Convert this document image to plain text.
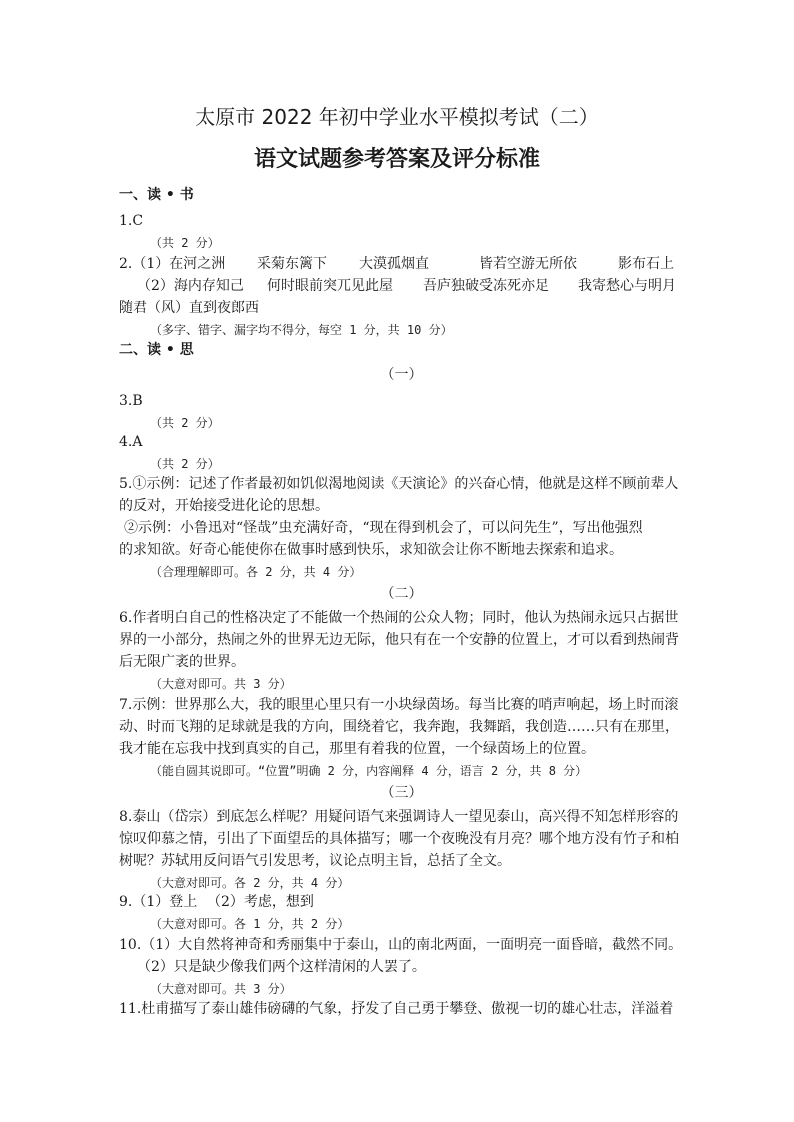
太原市 2022 年初中学业水平模拟考试（二）
语文试题参考答案及评分标准
一、读 • 书
1.C
（共 2 分）
2.（1）在河之洲 采菊东篱下 大漠孤烟直	皆若空游无所依	影布石上
（2）海内存知己 何时眼前突兀见此屋 吾庐独破受冻死亦足 我寄愁心与明月
随君（风）直到夜郎西
（多字、错字、漏字均不得分，每空 1 分，共 10 分）
二、读 • 思
（一）
3.B
（共 2 分）
4.A
（共 2 分）
5.①示例：记述了作者最初如饥似渴地阅读《天演论》的兴奋心情，他就是这样不顾前辈人
的反对，开始接受进化论的思想。
②示例：小鲁迅对“怪哉”虫充满好奇，“现在得到机会了，可以问先生”，写出他强烈
的求知欲。好奇心能使你在做事时感到快乐，求知欲会让你不断地去探索和追求。
（合理理解即可。各 2 分，共 4 分）
（二）
6.作者明白自己的性格决定了不能做一个热闹的公众人物；同时，他认为热闹永远只占据世
界的一小部分，热闹之外的世界无边无际，他只有在一个安静的位置上，才可以看到热闹背
后无限广袤的世界。
（大意对即可。共 3 分）
7.示例：世界那么大，我的眼里心里只有一小块绿茵场。每当比赛的哨声响起，场上时而滚
动、时而飞翔的足球就是我的方向，围绕着它，我奔跑，我舞蹈，我创造……只有在那里，
我才能在忘我中找到真实的自己，那里有着我的位置，一个绿茵场上的位置。
（能自圆其说即可。“位置”明确 2 分，内容阐释 4 分，语言 2 分，共 8 分）
（三）
8.泰山（岱宗）到底怎么样呢？用疑问语气来强调诗人一望见泰山，高兴得不知怎样形容的
惊叹仰慕之情，引出了下面望岳的具体描写；哪一个夜晚没有月亮？哪个地方没有竹子和柏
树呢？苏轼用反问语气引发思考，议论点明主旨，总括了全文。
（大意对即可。各 2 分，共 4 分）
9.（1）登上 （2）考虑，想到
（大意对即可。各 1 分，共 2 分）
10.（1）大自然将神奇和秀丽集中于泰山，山的南北两面，一面明亮一面昏暗，截然不同。
（2）只是缺少像我们两个这样清闲的人罢了。
（大意对即可。共 3 分）
11.杜甫描写了泰山雄伟磅礴的气象，抒发了自己勇于攀登、傲视一切的雄心壮志，洋溢着
